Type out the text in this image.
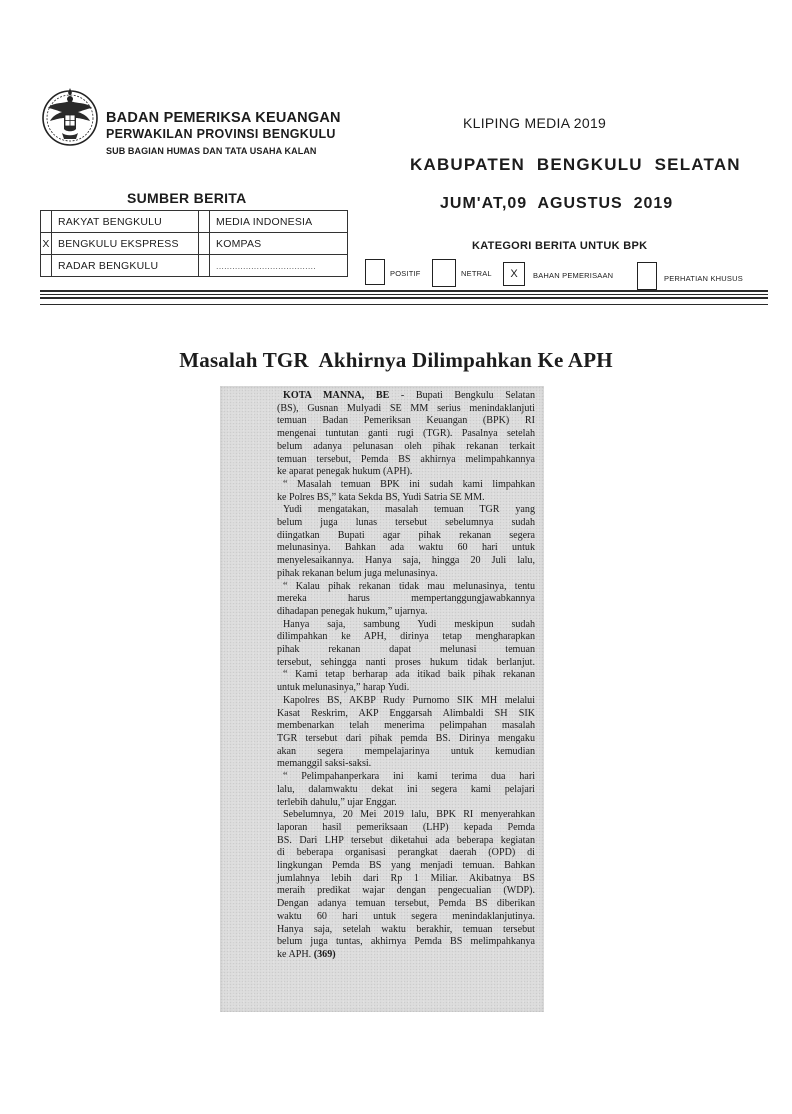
BADAN PEMERIKSA KEUANGAN
PERWAKILAN PROVINSI BENGKULU
SUB BAGIAN HUMAS DAN TATA USAHA KALAN
KLIPING MEDIA 2019
KABUPATEN  BENGKULU  SELATAN
JUM'AT,09  AGUSTUS  2019
SUMBER BERITA
	RAKYAT BENGKULU		MEDIA INDONESIA
X	BENGKULU EKSPRESS		KOMPAS
	RADAR BENGKULU		.....................................
KATEGORI BERITA UNTUK BPK
POSITIF	NETRAL	X	BAHAN PEMERISAAN	PERHATIAN KHUSUS
Masalah TGR  Akhirnya Dilimpahkan Ke APH
KOTA MANNA, BE - Bupati Bengkulu Selatan
(BS), Gusnan Mulyadi SE MM serius menindaklanjuti
temuan Badan Pemeriksan Keuangan (BPK) RI
mengenai tuntutan ganti rugi (TGR). Pasalnya setelah
belum adanya pelunasan oleh pihak rekanan terkait
temuan tersebut, Pemda BS akhirnya melimpahkannya
ke aparat penegak hukum (APH).
“ Masalah temuan BPK ini sudah kami limpahkan
ke Polres BS,” kata Sekda BS, Yudi Satria SE MM.
Yudi mengatakan, masalah temuan TGR yang
belum juga lunas tersebut sebelumnya sudah
diingatkan Bupati agar pihak rekanan segera
melunasinya. Bahkan ada waktu 60 hari untuk
menyelesaikannya. Hanya saja, hingga 20 Juli lalu,
pihak rekanan belum juga melunasinya.
“ Kalau pihak rekanan tidak mau melunasinya, tentu
mereka harus mempertanggungjawabkannya
dihadapan penegak hukum,” ujarnya.
Hanya saja, sambung Yudi meskipun sudah
dilimpahkan ke APH, dirinya tetap mengharapkan
pihak rekanan dapat melunasi temuan
tersebut, sehingga nanti proses hukum tidak berlanjut.
“ Kami tetap berharap ada itikad baik pihak rekanan
untuk melunasinya,” harap Yudi.
Kapolres BS, AKBP Rudy Purnomo SIK MH melalui
Kasat Reskrim, AKP Enggarsah Alimbaldi SH SIK
membenarkan telah menerima pelimpahan masalah
TGR tersebut dari pihak pemda BS. Dirinya mengaku
akan segera mempelajarinya untuk kemudian
memanggil saksi-saksi.
“ Pelimpahanperkara ini kami terima dua hari
lalu, dalamwaktu dekat ini segera kami pelajari
terlebih dahulu,” ujar Enggar.
Sebelumnya, 20 Mei 2019 lalu, BPK RI menyerahkan
laporan hasil pemeriksaan (LHP) kepada Pemda
BS. Dari LHP tersebut diketahui ada beberapa kegiatan
di beberapa organisasi perangkat daerah (OPD) di
lingkungan Pemda BS yang menjadi temuan. Bahkan
jumlahnya lebih dari Rp 1 Miliar. Akibatnya BS
meraih predikat wajar dengan pengecualian (WDP).
Dengan adanya temuan tersebut, Pemda BS diberikan
waktu 60 hari untuk segera menindaklanjutinya.
Hanya saja, setelah waktu berakhir, temuan tersebut
belum juga tuntas, akhirnya Pemda BS melimpahkanya
ke APH. (369)
